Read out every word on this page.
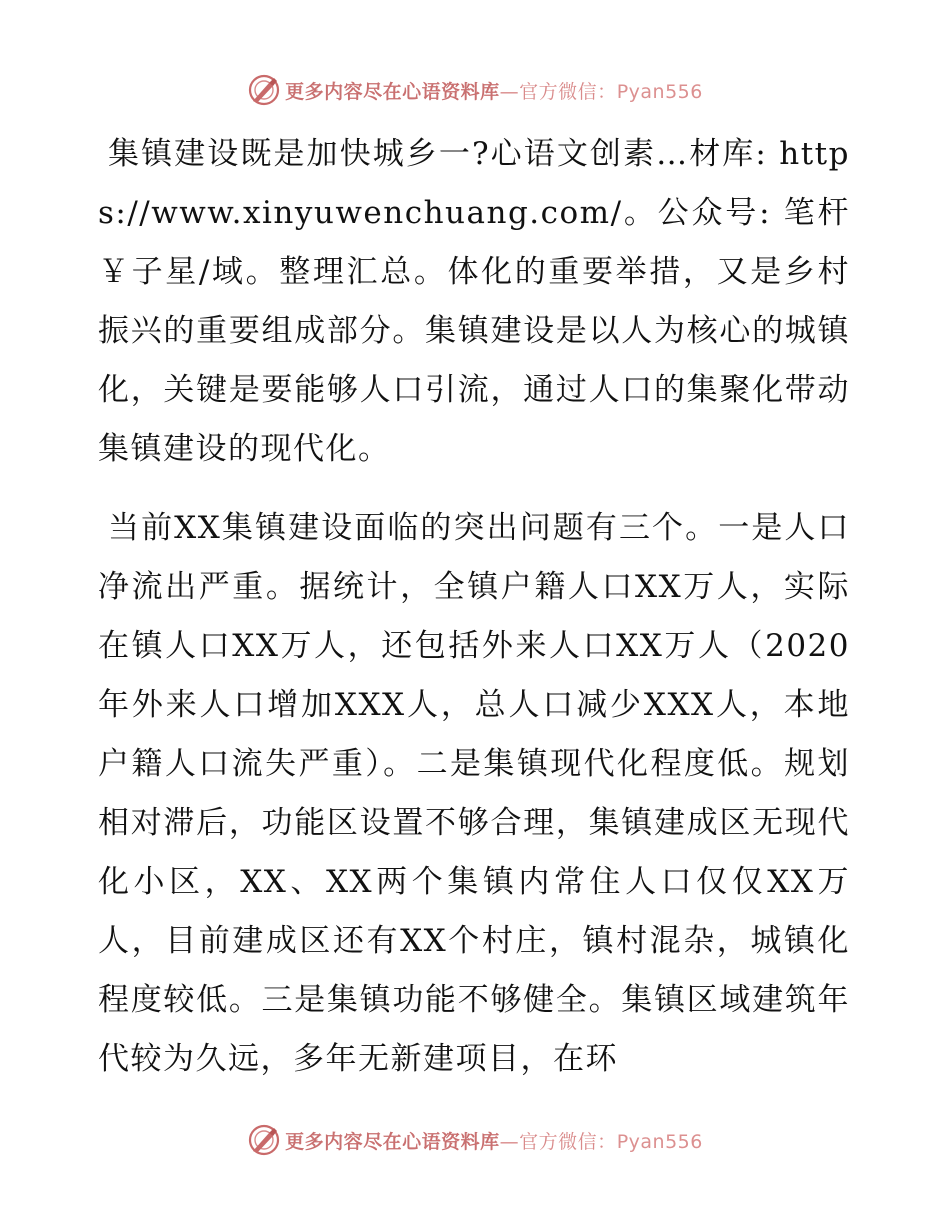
更多内容尽在心语资料库—官方微信：Pyan556

集镇建设既是加快城乡一?心语文创素…材库: https://www.xinyuwenchuang.com/。公众号: 笔杆￥子星/域。整理汇总。体化的重要举措，又是乡村振兴的重要组成部分。集镇建设是以人为核心的城镇化，关键是要能够人口引流，通过人口的集聚化带动集镇建设的现代化。

当前XX集镇建设面临的突出问题有三个。一是人口净流出严重。据统计，全镇户籍人口XX万人，实际在镇人口XX万人，还包括外来人口XX万人（2020年外来人口增加XXX人，总人口减少XXX人，本地户籍人口流失严重）。二是集镇现代化程度低。规划相对滞后，功能区设置不够合理，集镇建成区无现代化小区，XX、XX两个集镇内常住人口仅仅XX万人，目前建成区还有XX个村庄，镇村混杂，城镇化程度较低。三是集镇功能不够健全。集镇区域建筑年代较为久远，多年无新建项目，在环

更多内容尽在心语资料库—官方微信：Pyan556
